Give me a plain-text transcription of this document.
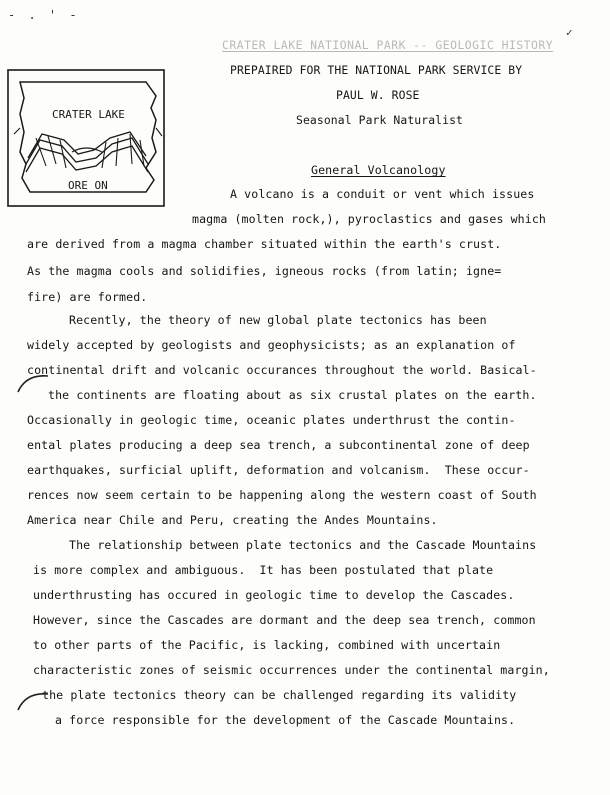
- . ' -
✓
CRATER LAKE NATIONAL PARK -- GEOLOGIC HISTORY
PREPAIRED FOR THE NATIONAL PARK SERVICE BY
PAUL W. ROSE
Seasonal Park Naturalist
CRATER LAKE
ORE ON
General Volcanology
A volcano is a conduit or vent which issues
magma (molten rock,), pyroclastics and gases which
are derived from a magma chamber situated within the earth's crust.
As the magma cools and solidifies, igneous rocks (from latin; igne=
fire) are formed.
Recently, the theory of new global plate tectonics has been
widely accepted by geologists and geophysicists; as an explanation of
continental drift and volcanic occurances throughout the world. Basical-
the continents are floating about as six crustal plates on the earth.
Occasionally in geologic time, oceanic plates underthrust the contin-
ental plates producing a deep sea trench, a subcontinental zone of deep
earthquakes, surficial uplift, deformation and volcanism.  These occur-
rences now seem certain to be happening along the western coast of South
America near Chile and Peru, creating the Andes Mountains.
The relationship between plate tectonics and the Cascade Mountains
is more complex and ambiguous.  It has been postulated that plate
underthrusting has occured in geologic time to develop the Cascades.
However, since the Cascades are dormant and the deep sea trench, common
to other parts of the Pacific, is lacking, combined with uncertain
characteristic zones of seismic occurrences under the continental margin,
the plate tectonics theory can be challenged regarding its validity
a force responsible for the development of the Cascade Mountains.
